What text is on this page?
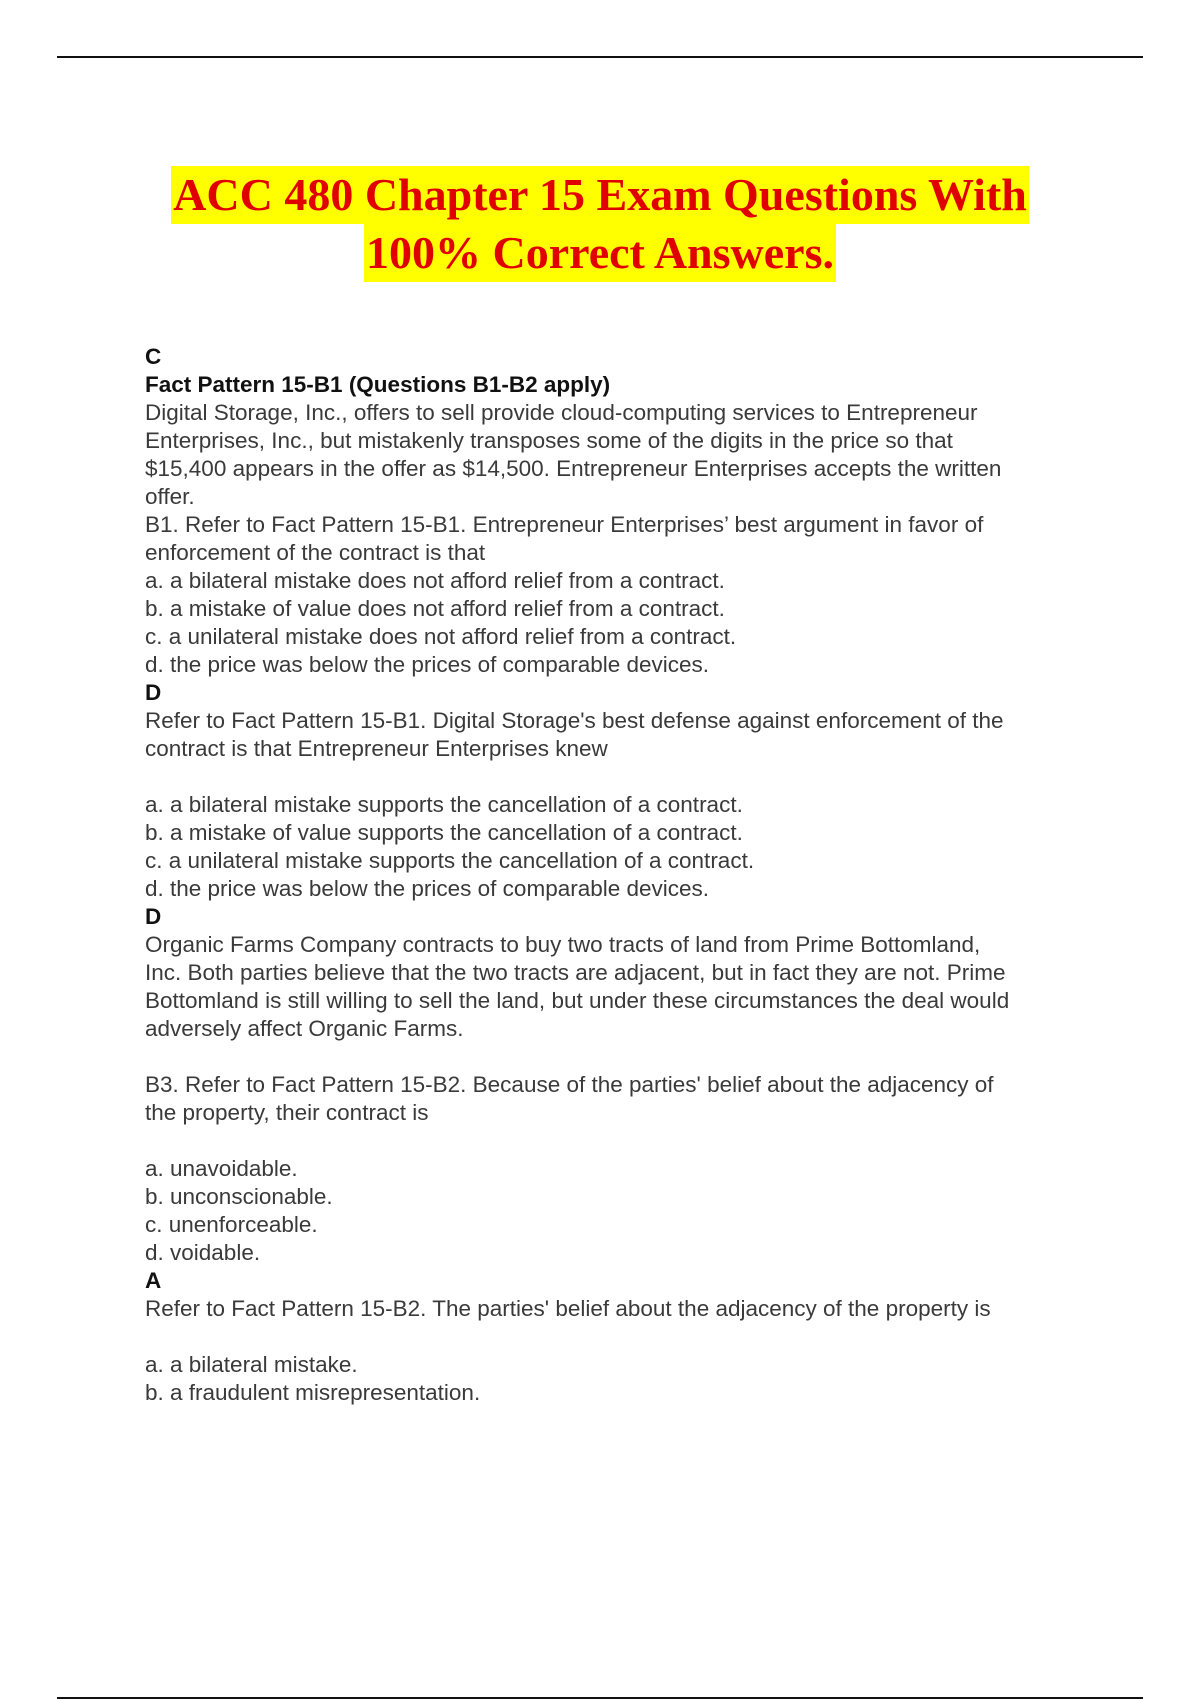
ACC 480 Chapter 15 Exam Questions With
100% Correct Answers.
C
Fact Pattern 15-B1 (Questions B1-B2 apply)
Digital Storage, Inc., offers to sell provide cloud-computing services to Entrepreneur
Enterprises, Inc., but mistakenly transposes some of the digits in the price so that
$15,400 appears in the offer as $14,500. Entrepreneur Enterprises accepts the written
offer.
B1. Refer to Fact Pattern 15-B1. Entrepreneur Enterprises’ best argument in favor of
enforcement of the contract is that
a. a bilateral mistake does not afford relief from a contract.
b. a mistake of value does not afford relief from a contract.
c. a unilateral mistake does not afford relief from a contract.
d. the price was below the prices of comparable devices.
D
Refer to Fact Pattern 15-B1. Digital Storage's best defense against enforcement of the
contract is that Entrepreneur Enterprises knew
a. a bilateral mistake supports the cancellation of a contract.
b. a mistake of value supports the cancellation of a contract.
c. a unilateral mistake supports the cancellation of a contract.
d. the price was below the prices of comparable devices.
D
Organic Farms Company contracts to buy two tracts of land from Prime Bottomland,
Inc. Both parties believe that the two tracts are adjacent, but in fact they are not. Prime
Bottomland is still willing to sell the land, but under these circumstances the deal would
adversely affect Organic Farms.
B3. Refer to Fact Pattern 15-B2. Because of the parties' belief about the adjacency of
the property, their contract is
a. unavoidable.
b. unconscionable.
c. unenforceable.
d. voidable.
A
Refer to Fact Pattern 15-B2. The parties' belief about the adjacency of the property is
a. a bilateral mistake.
b. a fraudulent misrepresentation.
